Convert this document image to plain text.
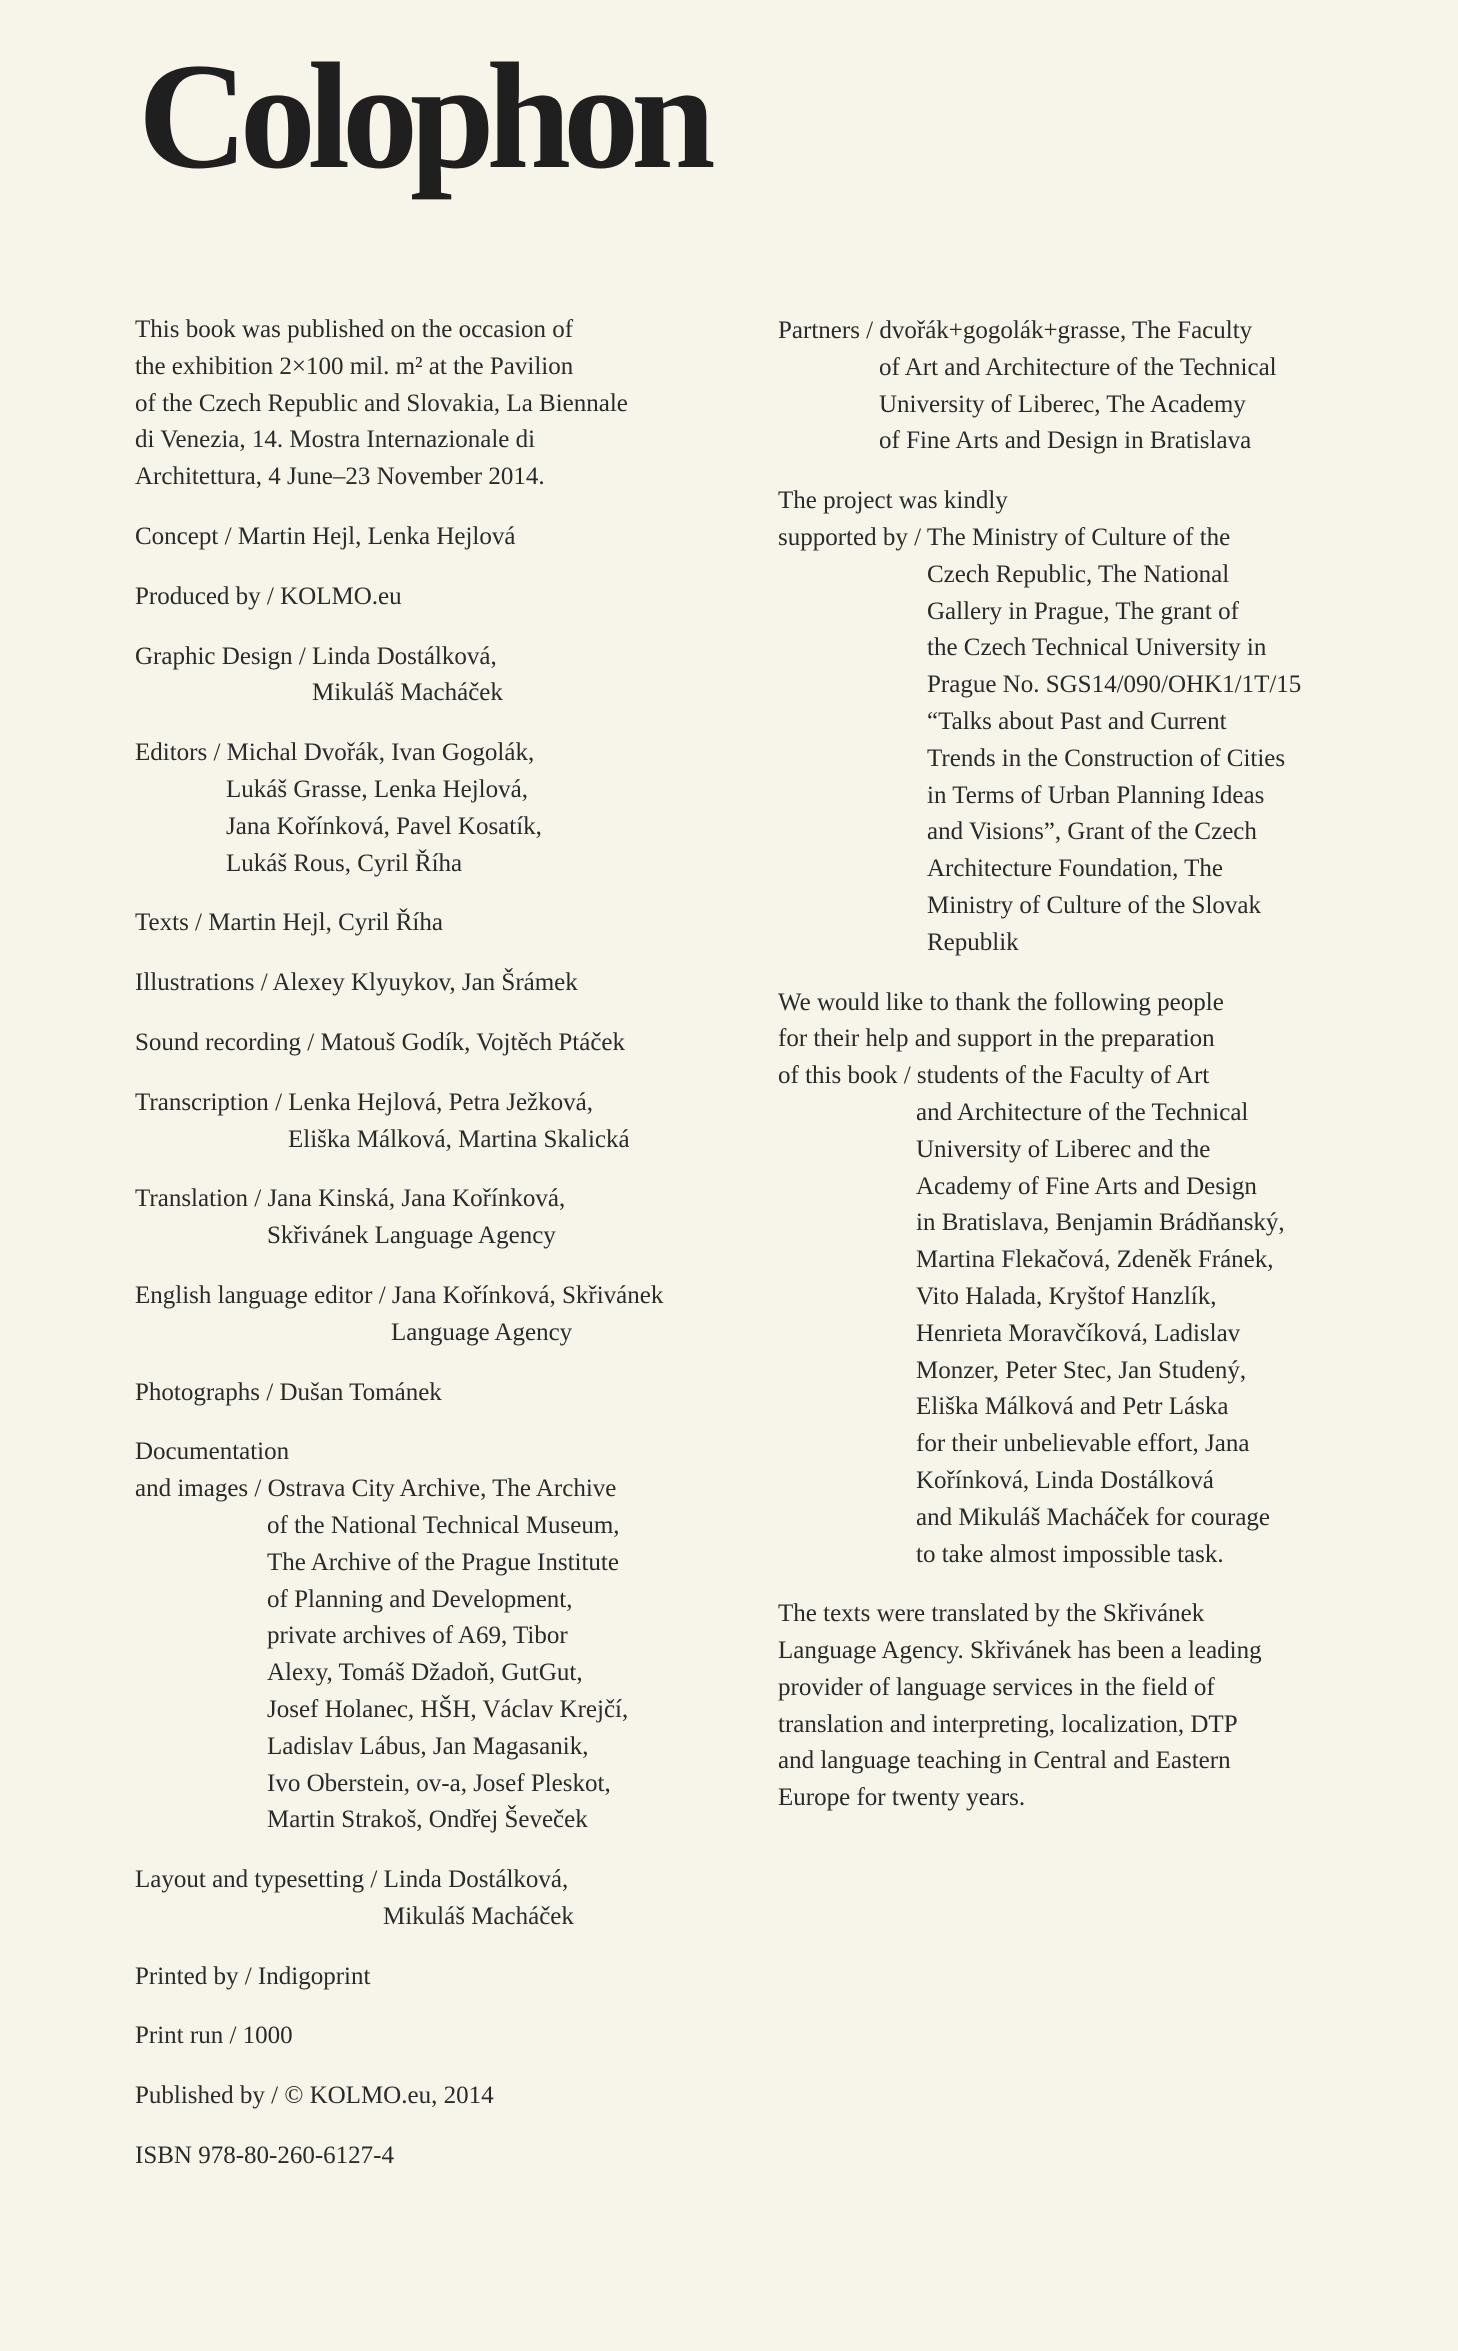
Colophon

This book was published on the occasion of

the exhibition 2×100 mil. m² at the Pavilion

of the Czech Republic and Slovakia, La Biennale

di Venezia, 14. Mostra Internazionale di

Architettura, 4 June–23 November 2014.

Concept / Martin Hejl, Lenka Hejlová
Produced by / KOLMO.eu
Graphic Design / Linda Dostálková,
Mikuláš Macháček
Editors / Michal Dvořák, Ivan Gogolák,
Lukáš Grasse, Lenka Hejlová,
Jana Kořínková, Pavel Kosatík,
Lukáš Rous, Cyril Říha
Texts / Martin Hejl, Cyril Říha
Illustrations / Alexey Klyuykov, Jan Šrámek
Sound recording / Matouš Godík, Vojtěch Ptáček
Transcription / Lenka Hejlová, Petra Ježková,
Eliška Málková, Martina Skalická
Translation / Jana Kinská, Jana Kořínková,
Skřivánek Language Agency
English language editor / Jana Kořínková, Skřivánek
Language Agency
Photographs / Dušan Tománek
Documentation
and images / Ostrava City Archive, The Archive
of the National Technical Museum,
The Archive of the Prague Institute
of Planning and Development,
private archives of A69, Tibor
Alexy, Tomáš Džadoň, GutGut,
Josef Holanec, HŠH, Václav Krejčí,
Ladislav Lábus, Jan Magasanik,
Ivo Oberstein, ov-a, Josef Pleskot,
Martin Strakoš, Ondřej Ševeček
Layout and typesetting / Linda Dostálková,
Mikuláš Macháček
Printed by / Indigoprint
Print run / 1000
Published by / © KOLMO.eu, 2014
ISBN 978-80-260-6127-4
Partners / dvořák+gogolák+grasse, The Faculty
of Art and Architecture of the Technical
University of Liberec, The Academy
of Fine Arts and Design in Bratislava
The project was kindly
supported by / The Ministry of Culture of the
Czech Republic, The National
Gallery in Prague, The grant of
the Czech Technical University in
Prague No. SGS14/090/OHK1/1T/15
“Talks about Past and Current
Trends in the Construction of Cities
in Terms of Urban Planning Ideas
and Visions”, Grant of the Czech
Architecture Foundation, The
Ministry of Culture of the Slovak
Republik
We would like to thank the following people
for their help and support in the preparation
of this book / students of the Faculty of Art
and Architecture of the Technical
University of Liberec and the
Academy of Fine Arts and Design
in Bratislava, Benjamin Brádňanský,
Martina Flekačová, Zdeněk Fránek,
Vito Halada, Kryštof Hanzlík,
Henrieta Moravčíková, Ladislav
Monzer, Peter Stec, Jan Studený,
Eliška Málková and Petr Láska
for their unbelievable effort, Jana
Kořínková, Linda Dostálková
and Mikuláš Macháček for courage
to take almost impossible task.

The texts were translated by the Skřivánek

Language Agency. Skřivánek has been a leading

provider of language services in the field of

translation and interpreting, localization, DTP

and language teaching in Central and Eastern

Europe for twenty years.
